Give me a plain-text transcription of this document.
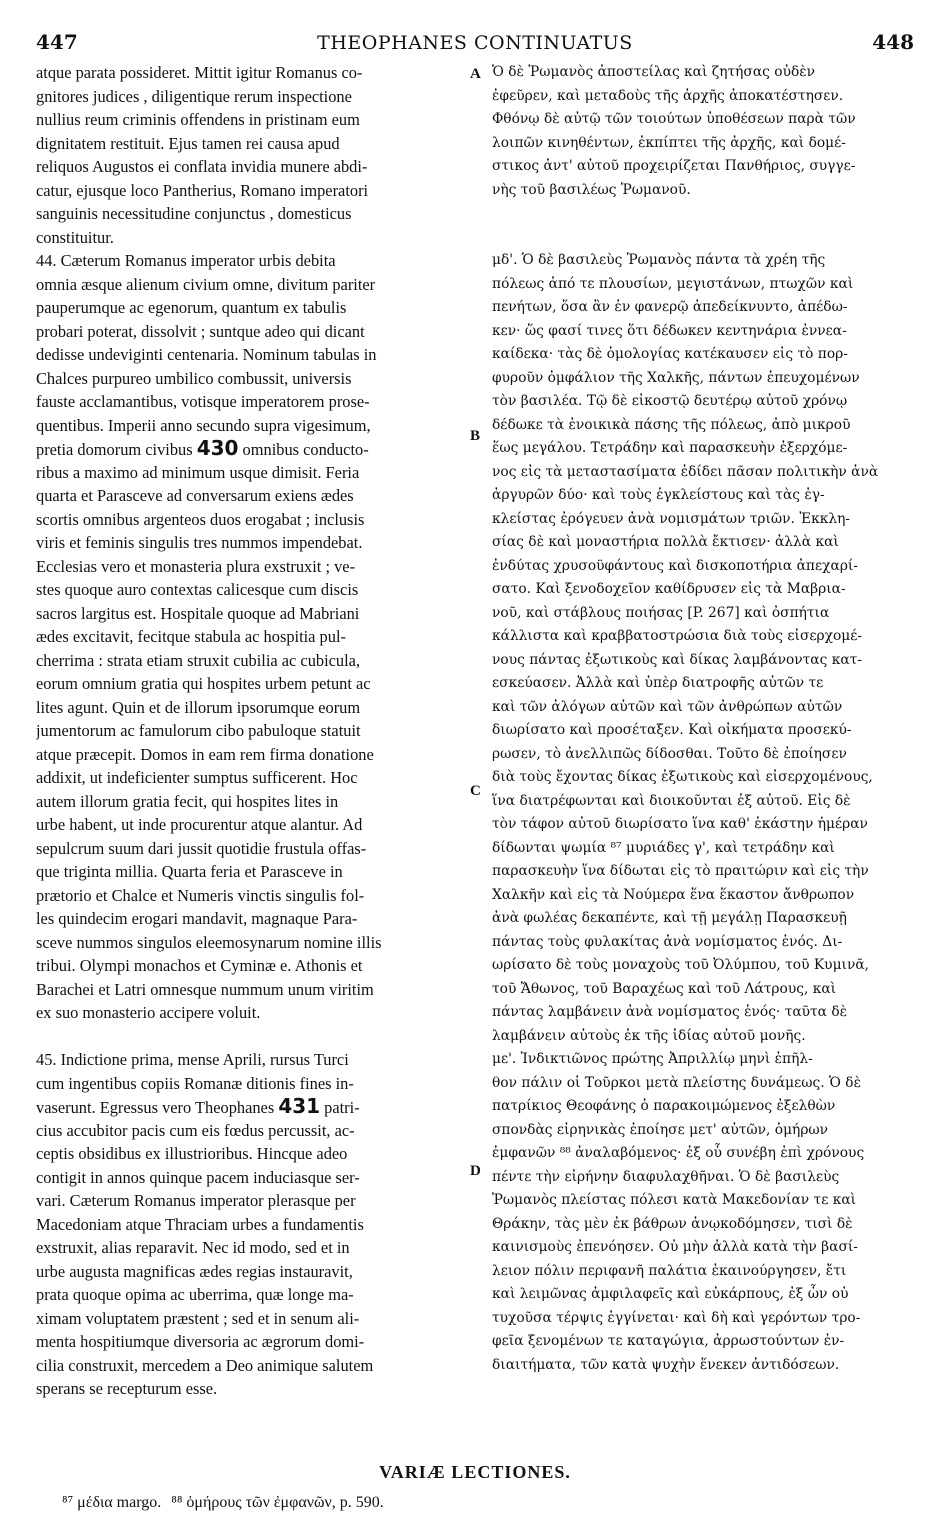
447	THEOPHANES CONTINUATUS	448
atque parata possideret. Mittit igitur Romanus co-
gnitores judices , diligentique rerum inspectione
nullius reum criminis offendens in pristinam eum
dignitatem restituit. Ejus tamen rei causa apud
reliquos Augustos ei conflata invidia munere abdi-
catur, ejusque loco Pantherius, Romano imperatori
sanguinis necessitudine conjunctus , domesticus
constituitur.
44. Cæterum Romanus imperator urbis debita
omnia æsque alienum civium omne, divitum pariter
pauperumque ac egenorum, quantum ex tabulis
probari poterat, dissolvit ; suntque adeo qui dicant
dedisse undeviginti centenaria. Nominum tabulas in
Chalces purpureo umbilico combussit, universis
fauste acclamantibus, votisque imperatorem prose-
quentibus. Imperii anno secundo supra vigesimum,
pretia domorum civibus 430 omnibus conducto-
ribus a maximo ad minimum usque dimisit. Feria
quarta et Parasceve ad conversarum exiens ædes
scortis omnibus argenteos duos erogabat ; inclusis
viris et feminis singulis tres nummos impendebat.
Ecclesias vero et monasteria plura exstruxit ; ve-
stes quoque auro contextas calicesque cum discis
sacros largitus est. Hospitale quoque ad Mabriani
ædes excitavit, fecitque stabula ac hospitia pul-
cherrima : strata etiam struxit cubilia ac cubicula,
eorum omnium gratia qui hospites urbem petunt ac
lites agunt. Quin et de illorum ipsorumque eorum
jumentorum ac famulorum cibo pabuloque statuit
atque præcepit. Domos in eam rem firma donatione
addixit, ut indeficienter sumptus sufficerent. Hoc
autem illorum gratia fecit, qui hospites lites in
urbe habent, ut inde procurentur atque alantur. Ad
sepulcrum suum dari jussit quotidie frustula offas-
que triginta millia. Quarta feria et Parasceve in
prætorio et Chalce et Numeris vinctis singulis fol-
les quindecim erogari mandavit, magnaque Para-
sceve nummos singulos eleemosynarum nomine illis
tribui. Olympi monachos et Cyminæ e. Athonis et
Barachei et Latri omnesque nummum unum viritim
ex suo monasterio accipere voluit.
45. Indictione prima, mense Aprili, rursus Turci
cum ingentibus copiis Romanæ ditionis fines in-
vaserunt. Egressus vero Theophanes 431 patri-
cius accubitor pacis cum eis fœdus percussit, ac-
ceptis obsidibus ex illustrioribus. Hincque adeo
contigit in annos quinque pacem induciasque ser-
vari. Cæterum Romanus imperator plerasque per
Macedoniam atque Thraciam urbes a fundamentis
exstruxit, alias reparavit. Nec id modo, sed et in
urbe augusta magnificas ædes regias instauravit,
prata quoque opima ac uberrima, quæ longe ma-
ximam voluptatem præstent ; sed et in senum ali-
menta hospitiumque diversoria ac ægrorum domi-
cilia construxit, mercedem a Deo animique salutem
sperans se recepturum esse.
Ὁ δὲ Ῥωμανὸς ἀποστείλας καὶ ζητήσας οὐδὲν
ἐφεῦρεν, καὶ μεταδοὺς τῆς ἀρχῆς ἀποκατέστησεν.
Φθόνῳ δὲ αὐτῷ τῶν τοιούτων ὑποθέσεων παρὰ τῶν
λοιπῶν κινηθέντων, ἐκπίπτει τῆς ἀρχῆς, καὶ δομέ-
στικος ἀντ' αὐτοῦ προχειρίζεται Πανθήριος, συγγε-
νὴς τοῦ βασιλέως Ῥωμανοῦ.
μδ'. Ὁ δὲ βασιλεὺς Ῥωμανὸς πάντα τὰ χρέη τῆς
πόλεως ἀπό τε πλουσίων, μεγιστάνων, πτωχῶν καὶ
πενήτων, ὅσα ἂν ἐν φανερῷ ἀπεδείκνυντο, ἀπέδω-
κεν· ὥς φασί τινες ὅτι δέδωκεν κεντηνάρια ἐννεα-
καίδεκα· τὰς δὲ ὁμολογίας κατέκαυσεν εἰς τὸ πορ-
φυροῦν ὀμφάλιον τῆς Χαλκῆς, πάντων ἐπευχομένων
τὸν βασιλέα. Τῷ δὲ εἰκοστῷ δευτέρῳ αὐτοῦ χρόνῳ
δέδωκε τὰ ἐνοικικὰ πάσης τῆς πόλεως, ἀπὸ μικροῦ
ἕως μεγάλου. Τετράδην καὶ παρασκευὴν ἐξερχόμε-
νος εἰς τὰ μεταστασίματα ἐδίδει πᾶσαν πολιτικὴν ἀνὰ
ἀργυρῶν δύο· καὶ τοὺς ἐγκλείστους καὶ τὰς ἐγ-
κλείστας ἐρόγευεν ἀνὰ νομισμάτων τριῶν. Ἐκκλη-
σίας δὲ καὶ μοναστήρια πολλὰ ἔκτισεν· ἀλλὰ καὶ
ἐνδύτας χρυσοϋφάντους καὶ δισκοποτήρια ἀπεχαρί-
σατο. Καὶ ξενοδοχεῖον καθίδρυσεν εἰς τὰ Μαβρια-
νοῦ, καὶ στάβλους ποιήσας [P. 267] καὶ ὀσπήτια
κάλλιστα καὶ κραββατοστρώσια διὰ τοὺς εἰσερχομέ-
νους πάντας ἐξωτικοὺς καὶ δίκας λαμβάνοντας κατ-
εσκεύασεν. Ἀλλὰ καὶ ὑπὲρ διατροφῆς αὐτῶν τε
καὶ τῶν ἀλόγων αὐτῶν καὶ τῶν ἀνθρώπων αὐτῶν
διωρίσατο καὶ προσέταξεν. Καὶ οἰκήματα προσεκύ-
ρωσεν, τὸ ἀνελλιπῶς δίδοσθαι. Τοῦτο δὲ ἐποίησεν
διὰ τοὺς ἔχοντας δίκας ἐξωτικοὺς καὶ εἰσερχομένους,
ἵνα διατρέφωνται καὶ διοικοῦνται ἐξ αὐτοῦ. Εἰς δὲ
τὸν τάφον αὐτοῦ διωρίσατο ἵνα καθ' ἑκάστην ἡμέραν
δίδωνται ψωμία ⁸⁷ μυριάδες γ', καὶ τετράδην καὶ
παρασκευὴν ἵνα δίδωται εἰς τὸ πραιτώριν καὶ εἰς τὴν
Χαλκῆν καὶ εἰς τὰ Νούμερα ἕνα ἕκαστον ἄνθρωπον
ἀνὰ φωλέας δεκαπέντε, καὶ τῇ μεγάλῃ Παρασκευῇ
πάντας τοὺς φυλακίτας ἀνὰ νομίσματος ἑνός. Δι-
ωρίσατο δὲ τοὺς μοναχοὺς τοῦ Ὀλύμπου, τοῦ Κυμινᾶ,
τοῦ Ἄθωνος, τοῦ Βαραχέως καὶ τοῦ Λάτρους, καὶ
πάντας λαμβάνειν ἀνὰ νομίσματος ἑνός· ταῦτα δὲ
λαμβάνειν αὐτοὺς ἐκ τῆς ἰδίας αὐτοῦ μονῆς.
με'. Ἰνδικτιῶνος πρώτης Ἀπριλλίῳ μηνὶ ἐπῆλ-
θον πάλιν οἱ Τοῦρκοι μετὰ πλείστης δυνάμεως. Ὁ δὲ
πατρίκιος Θεοφάνης ὁ παρακοιμώμενος ἐξελθὼν
σπονδὰς εἰρηνικὰς ἐποίησε μετ' αὐτῶν, ὁμήρων
ἐμφανῶν ⁸⁸ ἀναλαβόμενος· ἐξ οὗ συνέβη ἐπὶ χρόνους
πέντε τὴν εἰρήνην διαφυλαχθῆναι. Ὁ δὲ βασιλεὺς
Ῥωμανὸς πλείστας πόλεσι κατὰ Μακεδονίαν τε καὶ
Θράκην, τὰς μὲν ἐκ βάθρων ἀνῳκοδόμησεν, τισὶ δὲ
καινισμοὺς ἐπενόησεν. Οὐ μὴν ἀλλὰ κατὰ τὴν βασί-
λειον πόλιν περιφανῆ παλάτια ἐκαινούργησεν, ἔτι
καὶ λειμῶνας ἀμφιλαφεῖς καὶ εὐκάρπους, ἐξ ὧν οὐ
τυχοῦσα τέρψις ἐγγίνεται· καὶ δὴ καὶ γερόντων τρο-
φεῖα ξενομένων τε καταγώγια, ἀρρωστούντων ἐν-
διαιτήματα, τῶν κατὰ ψυχὴν ἕνεκεν ἀντιδόσεων.
A
B
C
D
VARIÆ LECTIONES.
⁸⁷ μέδια margo. ⁸⁸ ὁμήρους τῶν ἐμφανῶν, p. 590.
